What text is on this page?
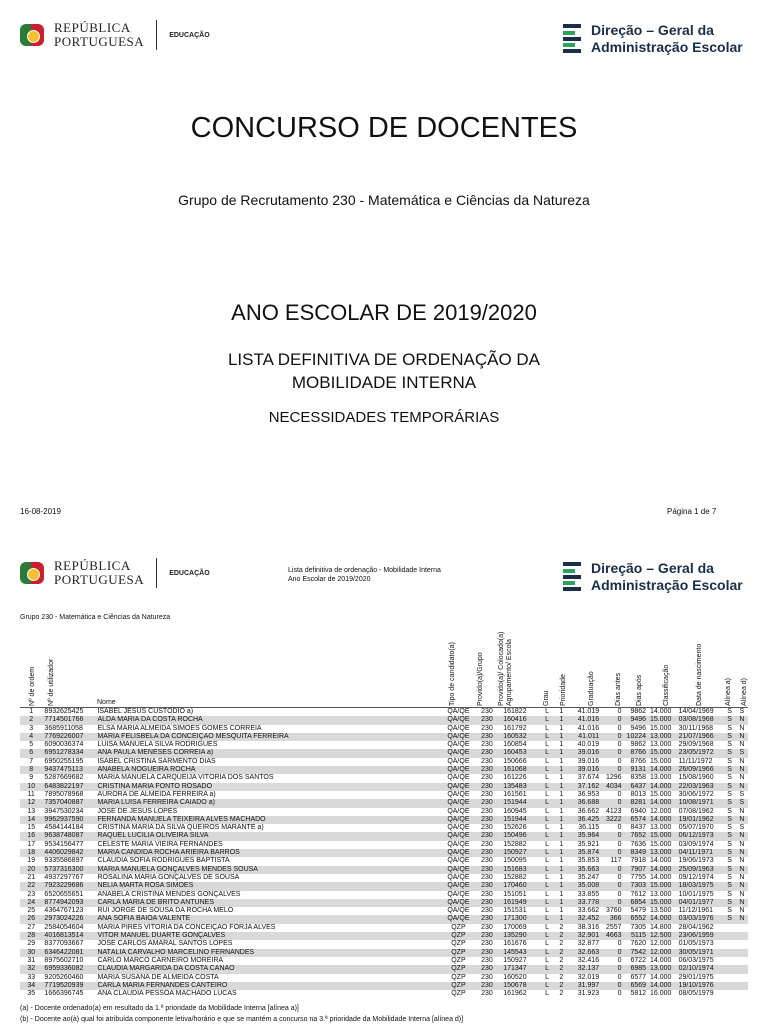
REPÚBLICA
PORTUGUESA	EDUCAÇÃO	Direção – Geral da
Administração Escolar
CONCURSO DE DOCENTES
Grupo de Recrutamento 230 - Matemática e Ciências da Natureza
ANO ESCOLAR DE 2019/2020
LISTA DEFINITIVA DE ORDENAÇÃO DA
MOBILIDADE INTERNA
NECESSIDADES TEMPORÁRIAS
16-08-2019	Página 1 de 7
REPÚBLICA
PORTUGUESA	EDUCAÇÃO	Lista definitiva de ordenação - Mobilidade Interna
Ano Escolar de 2019/2020
Direção – Geral da
Administração Escolar
Grupo 230 - Matemática e Ciências da Natureza
Nº de ordem Nº de utilizador	Nome	Tipo de candidato(a)	Provido(a)/Grupo Provido(a)/ Colocado(a) Agrupamento/ Escola	Grau Prioridade	Graduação	Dias antes Dias após	Classificação	Data de nascimento	Alínea a) Alínea d)
1	8932625425	ISABEL JESUS CUSTODIO a)	QA/QE	230	161822	L	1	41.019	0	9862	14.000	14/04/1969	S	S
2	7714501766	ALDA MARIA DA COSTA ROCHA	QA/QE	230	160416	L	1	41.016	0	9496	15.000	03/08/1968	S	N
3	3685911058	ELSA MARIA ALMEIDA SIMÕES GOMES CORREIA	QA/QE	230	161792	L	1	41.016	0	9496	15.000	30/11/1968	S	N
4	7769226007	MARIA FELISBELA DA CONCEIÇÃO MESQUITA FERREIRA	QA/QE	230	160532	L	1	41.011	0	10224	13.000	21/07/1966	S	N
5	6090036374	LUISA MANUELA SILVA RODRIGUES	QA/QE	230	160854	L	1	40.019	0	9862	13.000	29/09/1968	S	N
6	6951278334	ANA PAULA MENESES CORREIA a)	QA/QE	230	160453	L	1	39.016	0	8766	15.000	23/05/1972	S	S
7	6950255195	ISABEL CRISTINA SARMENTO DIAS	QA/QE	230	150666	L	1	39.016	0	8766	15.000	11/11/1972	S	N
8	9437475113	ANABELA NOGUEIRA ROCHA	QA/QE	230	161068	L	1	39.016	0	9131	14.000	26/09/1966	S	N
9	5287669682	MARIA MANUELA CARQUEIJA VITÓRIA DOS SANTOS	QA/QE	230	161226	L	1	37.674	1296	8358	13.000	15/08/1960	S	N
10	6483822197	CRISTINA MARIA FONTO ROSADO	QA/QE	230	135483	L	1	37.162	4034	6437	14.000	22/03/1963	S	N
11	7895078968	AURORA DE ALMEIDA FERREIRA a)	QA/QE	230	161561	L	1	36.953	0	8013	15.000	30/06/1972	S	S
12	7357040887	MARIA LUISA FERREIRA CAIADO a)	QA/QE	230	151944	L	1	36.688	0	8281	14.000	10/08/1971	S	S
13	3947530234	JOSÉ DE JESUS LOPES	QA/QE	230	160945	L	1	36.662	4123	6940	12.000	07/08/1962	S	N
14	9962937590	FERNANDA MANUELA TEIXEIRA ALVES MACHADO	QA/QE	230	151944	L	1	36.425	3222	6574	14.000	19/01/1962	S	N
15	4584144184	CRISTINA MARIA DA SILVA QUEIROS MARANTE a)	QA/QE	230	152626	L	1	36.115	0	8437	13.000	05/07/1970	S	S
16	9638748087	RAQUEL LUCÍLIA OLIVEIRA SILVA	QA/QE	230	150496	L	1	35.964	0	7652	15.000	06/12/1973	S	N
17	9534156477	CELESTE MARIA VIEIRA FERNANDES	QA/QE	230	152882	L	1	35.921	0	7636	15.000	03/09/1974	S	N
18	4406029842	MARIA CÂNDIDA ROCHA ARIEIRA BARROS	QA/QE	230	150927	L	1	35.874	0	8349	13.000	04/11/1971	S	N
19	9335586897	CLÁUDIA SOFIA RODRIGUES BAPTISTA	QA/QE	230	150095	L	1	35.853	117	7918	14.000	19/06/1973	S	N
20	5737316300	MARIA MANUELA GONÇALVES MENDES SOUSA	QA/QE	230	151683	L	1	35.663	0	7907	14.000	25/09/1963	S	N
21	4937297767	ROSALINA MARIA GONÇALVES DE SOUSA	QA/QE	230	152882	L	1	35.247	0	7755	14.000	09/12/1974	S	N
22	7923229686	NÉLIA MARTA ROSA SIMÕES	QA/QE	230	170460	L	1	35.008	0	7303	15.000	18/03/1975	S	N
23	6520655651	ANABELA CRISTINA MENDES GONÇALVES	QA/QE	230	151051	L	1	33.855	0	7612	13.000	10/01/1975	S	N
24	8774942093	CARLA MARIA DE BRITO ANTUNES	QA/QE	230	161949	L	1	33.778	0	6854	15.000	04/01/1977	S	N
25	4364767123	RUI JORGE DE SOUSA DA ROCHA MELO	QA/QE	230	151531	L	1	33.662	3760	5479	13.500	11/12/1961	S	N
26	2973024226	ANA SOFIA BAIOA VALENTE	QA/QE	230	171300	L	1	32.452	366	6552	14.000	03/03/1976	S	N
27	2584054604	MARIA PIRES VITÓRIA DA CONCEIÇÃO FORJA ALVES	QZP	230	170069	L	2	38.316	2557	7305	14.800	28/04/1962		
28	4016813514	VITOR MANUEL DUARTE GONÇALVES	QZP	230	135290	L	2	32.901	4663	5115	12.500	23/06/1959		
29	8377093667	JOSÉ CARLOS AMARAL SANTOS LOPES	QZP	230	161676	L	2	32.877	0	7620	12.000	01/05/1973		
30	6346422081	NATÁLIA CARVALHO MARCELINO FERNANDES	QZP	230	145543	L	2	32.663	0	7542	12.000	30/05/1971		
31	8975602710	CARLO MARCO CARNEIRO MOREIRA	QZP	230	150927	L	2	32.416	0	6722	14.000	06/03/1975		
32	6959336082	CLÁUDIA MARGARIDA DA COSTA CANÃO	QZP	230	171347	L	2	32.137	0	6985	13.000	02/10/1974		
33	9205260460	MARIA SUSANA DE ALMEIDA COSTA	QZP	230	160520	L	2	32.019	0	6577	14.000	29/01/1975		
34	7719520939	CARLA MARIA FERNANDES CANTEIRO	QZP	230	150678	L	2	31.997	0	6569	14.000	19/10/1976		
35	1666396745	ANA CLÁUDIA PESSOA MACHADO LUCAS	QZP	230	161962	L	2	31.923	0	5812	16.000	08/05/1979		
(a) - Docente ordenado(a) em resultado da 1.ª prioridade da Mobilidade Interna [alínea a)]
(b) - Docente ao(à) qual foi atribuída componente letiva/horário e que se mantém a concurso na 3.ª prioridade da Mobilidade Interna [alínea d)]
